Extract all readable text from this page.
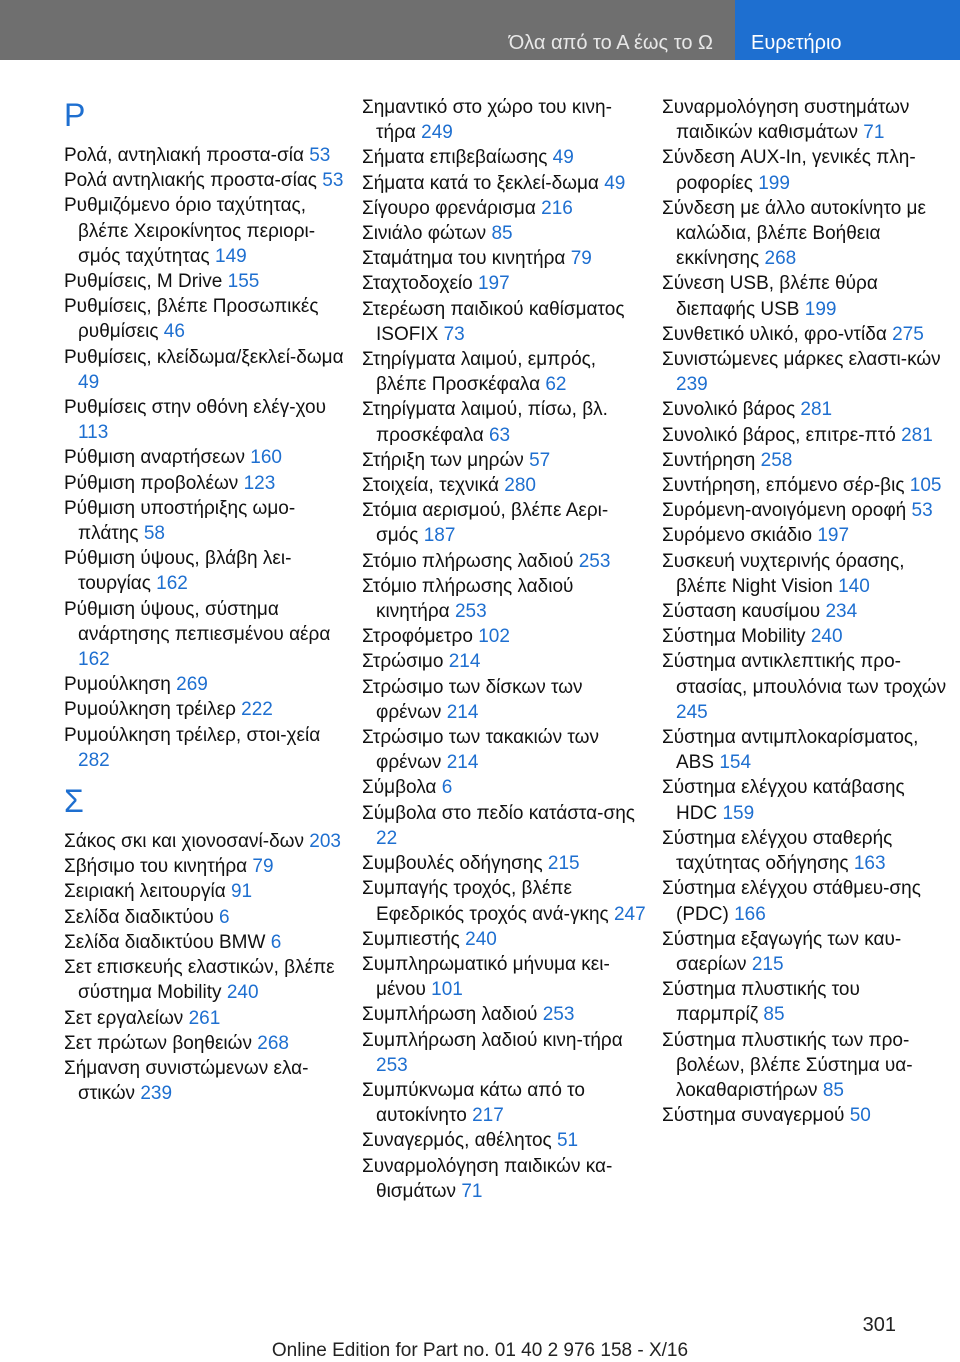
Όλα από το Α έως το Ω	Ευρετήριο
Ρ
Ρολά, αντηλιακή προστα-σία 53
Ρολά αντηλιακής προστα-σίας 53
Ρυθμιζόμενο όριο ταχύτητας, βλέπε Χειροκίνητος περιορι-σμός ταχύτητας 149
Ρυθμίσεις, M Drive 155
Ρυθμίσεις, βλέπε Προσωπικές ρυθμίσεις 46
Ρυθμίσεις, κλείδωμα/ξεκλεί-δωμα 49
Ρυθμίσεις στην οθόνη ελέγ-χου 113
Ρύθμιση αναρτήσεων 160
Ρύθμιση προβολέων 123
Ρύθμιση υποστήριξης ωμο-πλάτης 58
Ρύθμιση ύψους, βλάβη λει-τουργίας 162
Ρύθμιση ύψους, σύστημα ανάρτησης πεπιεσμένου αέρα 162
Ρυμούλκηση 269
Ρυμούλκηση τρέιλερ 222
Ρυμούλκηση τρέιλερ, στοι-χεία 282
Σ
Σάκος σκι και χιονοσανί-δων 203
Σβήσιμο του κινητήρα 79
Σειριακή λειτουργία 91
Σελίδα διαδικτύου 6
Σελίδα διαδικτύου BMW 6
Σετ επισκευής ελαστικών, βλέπε σύστημα Mobility 240
Σετ εργαλείων 261
Σετ πρώτων βοηθειών 268
Σήμανση συνιστώμενων ελα-στικών 239
Σημαντικό στο χώρο του κινη-τήρα 249
Σήματα επιβεβαίωσης 49
Σήματα κατά το ξεκλεί-δωμα 49
Σίγουρο φρενάρισμα 216
Σινιάλο φώτων 85
Σταμάτημα του κινητήρα 79
Σταχτοδοχείο 197
Στερέωση παιδικού καθίσματος ISOFIX 73
Στηρίγματα λαιμού, εμπρός, βλέπε Προσκέφαλα 62
Στηρίγματα λαιμού, πίσω, βλ. προσκέφαλα 63
Στήριξη των μηρών 57
Στοιχεία, τεχνικά 280
Στόμια αερισμού, βλέπε Αερι-σμός 187
Στόμιο πλήρωσης λαδιού 253
Στόμιο πλήρωσης λαδιού κινητήρα 253
Στροφόμετρο 102
Στρώσιμο 214
Στρώσιμο των δίσκων των φρένων 214
Στρώσιμο των τακακιών των φρένων 214
Σύμβολα 6
Σύμβολα στο πεδίο κατάστα-σης 22
Συμβουλές οδήγησης 215
Συμπαγής τροχός, βλέπε Εφεδρικός τροχός ανά-γκης 247
Συμπιεστής 240
Συμπληρωματικό μήνυμα κει-μένου 101
Συμπλήρωση λαδιού 253
Συμπλήρωση λαδιού κινη-τήρα 253
Συμπύκνωμα κάτω από το αυτοκίνητο 217
Συναγερμός, αθέλητος 51
Συναρμολόγηση παιδικών κα-θισμάτων 71
Συναρμολόγηση συστημάτων παιδικών καθισμάτων 71
Σύνδεση AUX-In, γενικές πλη-ροφορίες 199
Σύνδεση με άλλο αυτοκίνητο με καλώδια, βλέπε Βοήθεια εκκίνησης 268
Σύνεση USB, βλέπε θύρα διεπαφής USB 199
Συνθετικό υλικό, φρο-ντίδα 275
Συνιστώμενες μάρκες ελαστι-κών 239
Συνολικό βάρος 281
Συνολικό βάρος, επιτρε-πτό 281
Συντήρηση 258
Συντήρηση, επόμενο σέρ-βις 105
Συρόμενη-ανοιγόμενη οροφή 53
Συρόμενο σκιάδιο 197
Συσκευή νυχτερινής όρασης, βλέπε Night Vision 140
Σύσταση καυσίμου 234
Σύστημα Mobility 240
Σύστημα αντικλεπτικής προ-στασίας, μπουλόνια των τροχών 245
Σύστημα αντιμπλοκαρίσματος, ABS 154
Σύστημα ελέγχου κατάβασης HDC 159
Σύστημα ελέγχου σταθερής ταχύτητας οδήγησης 163
Σύστημα ελέγχου στάθμευ-σης (PDC) 166
Σύστημα εξαγωγής των καυ-σαερίων 215
Σύστημα πλυστικής του παρμπρίζ 85
Σύστημα πλυστικής των προ-βολέων, βλέπε Σύστημα υα-λοκαθαριστήρων 85
Σύστημα συναγερμού 50
301
Online Edition for Part no. 01 40 2 976 158 - X/16
